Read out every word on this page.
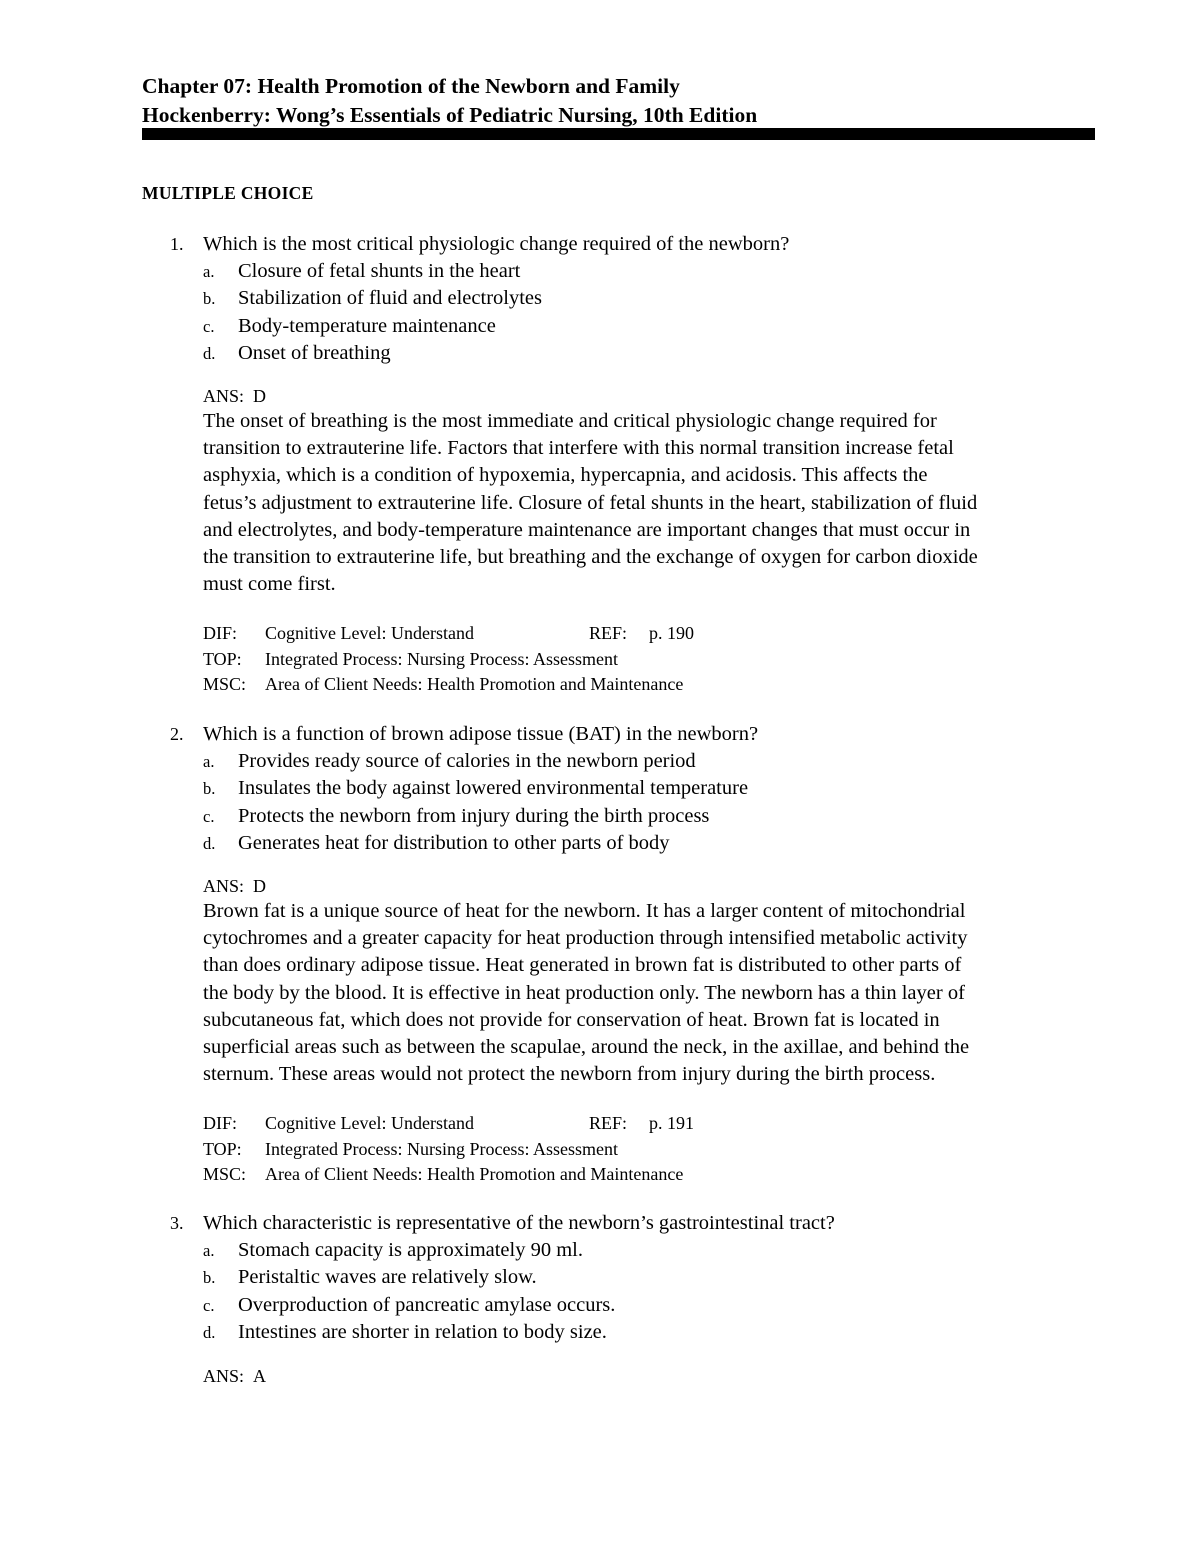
Chapter 07: Health Promotion of the Newborn and Family
Hockenberry: Wong’s Essentials of Pediatric Nursing, 10th Edition
MULTIPLE CHOICE
1. Which is the most critical physiologic change required of the newborn?
a. Closure of fetal shunts in the heart
b. Stabilization of fluid and electrolytes
c. Body-temperature maintenance
d. Onset of breathing
ANS: D
The onset of breathing is the most immediate and critical physiologic change required for
transition to extrauterine life. Factors that interfere with this normal transition increase fetal
asphyxia, which is a condition of hypoxemia, hypercapnia, and acidosis. This affects the
fetus’s adjustment to extrauterine life. Closure of fetal shunts in the heart, stabilization of fluid
and electrolytes, and body-temperature maintenance are important changes that must occur in
the transition to extrauterine life, but breathing and the exchange of oxygen for carbon dioxide
must come first.
DIF: Cognitive Level: Understand	REF: p. 190
TOP: Integrated Process: Nursing Process: Assessment
MSC: Area of Client Needs: Health Promotion and Maintenance
2. Which is a function of brown adipose tissue (BAT) in the newborn?
a. Provides ready source of calories in the newborn period
b. Insulates the body against lowered environmental temperature
c. Protects the newborn from injury during the birth process
d. Generates heat for distribution to other parts of body
ANS: D
Brown fat is a unique source of heat for the newborn. It has a larger content of mitochondrial
cytochromes and a greater capacity for heat production through intensified metabolic activity
than does ordinary adipose tissue. Heat generated in brown fat is distributed to other parts of
the body by the blood. It is effective in heat production only. The newborn has a thin layer of
subcutaneous fat, which does not provide for conservation of heat. Brown fat is located in
superficial areas such as between the scapulae, around the neck, in the axillae, and behind the
sternum. These areas would not protect the newborn from injury during the birth process.
DIF: Cognitive Level: Understand	REF: p. 191
TOP: Integrated Process: Nursing Process: Assessment
MSC: Area of Client Needs: Health Promotion and Maintenance
3. Which characteristic is representative of the newborn’s gastrointestinal tract?
a. Stomach capacity is approximately 90 ml.
b. Peristaltic waves are relatively slow.
c. Overproduction of pancreatic amylase occurs.
d. Intestines are shorter in relation to body size.
ANS: A
